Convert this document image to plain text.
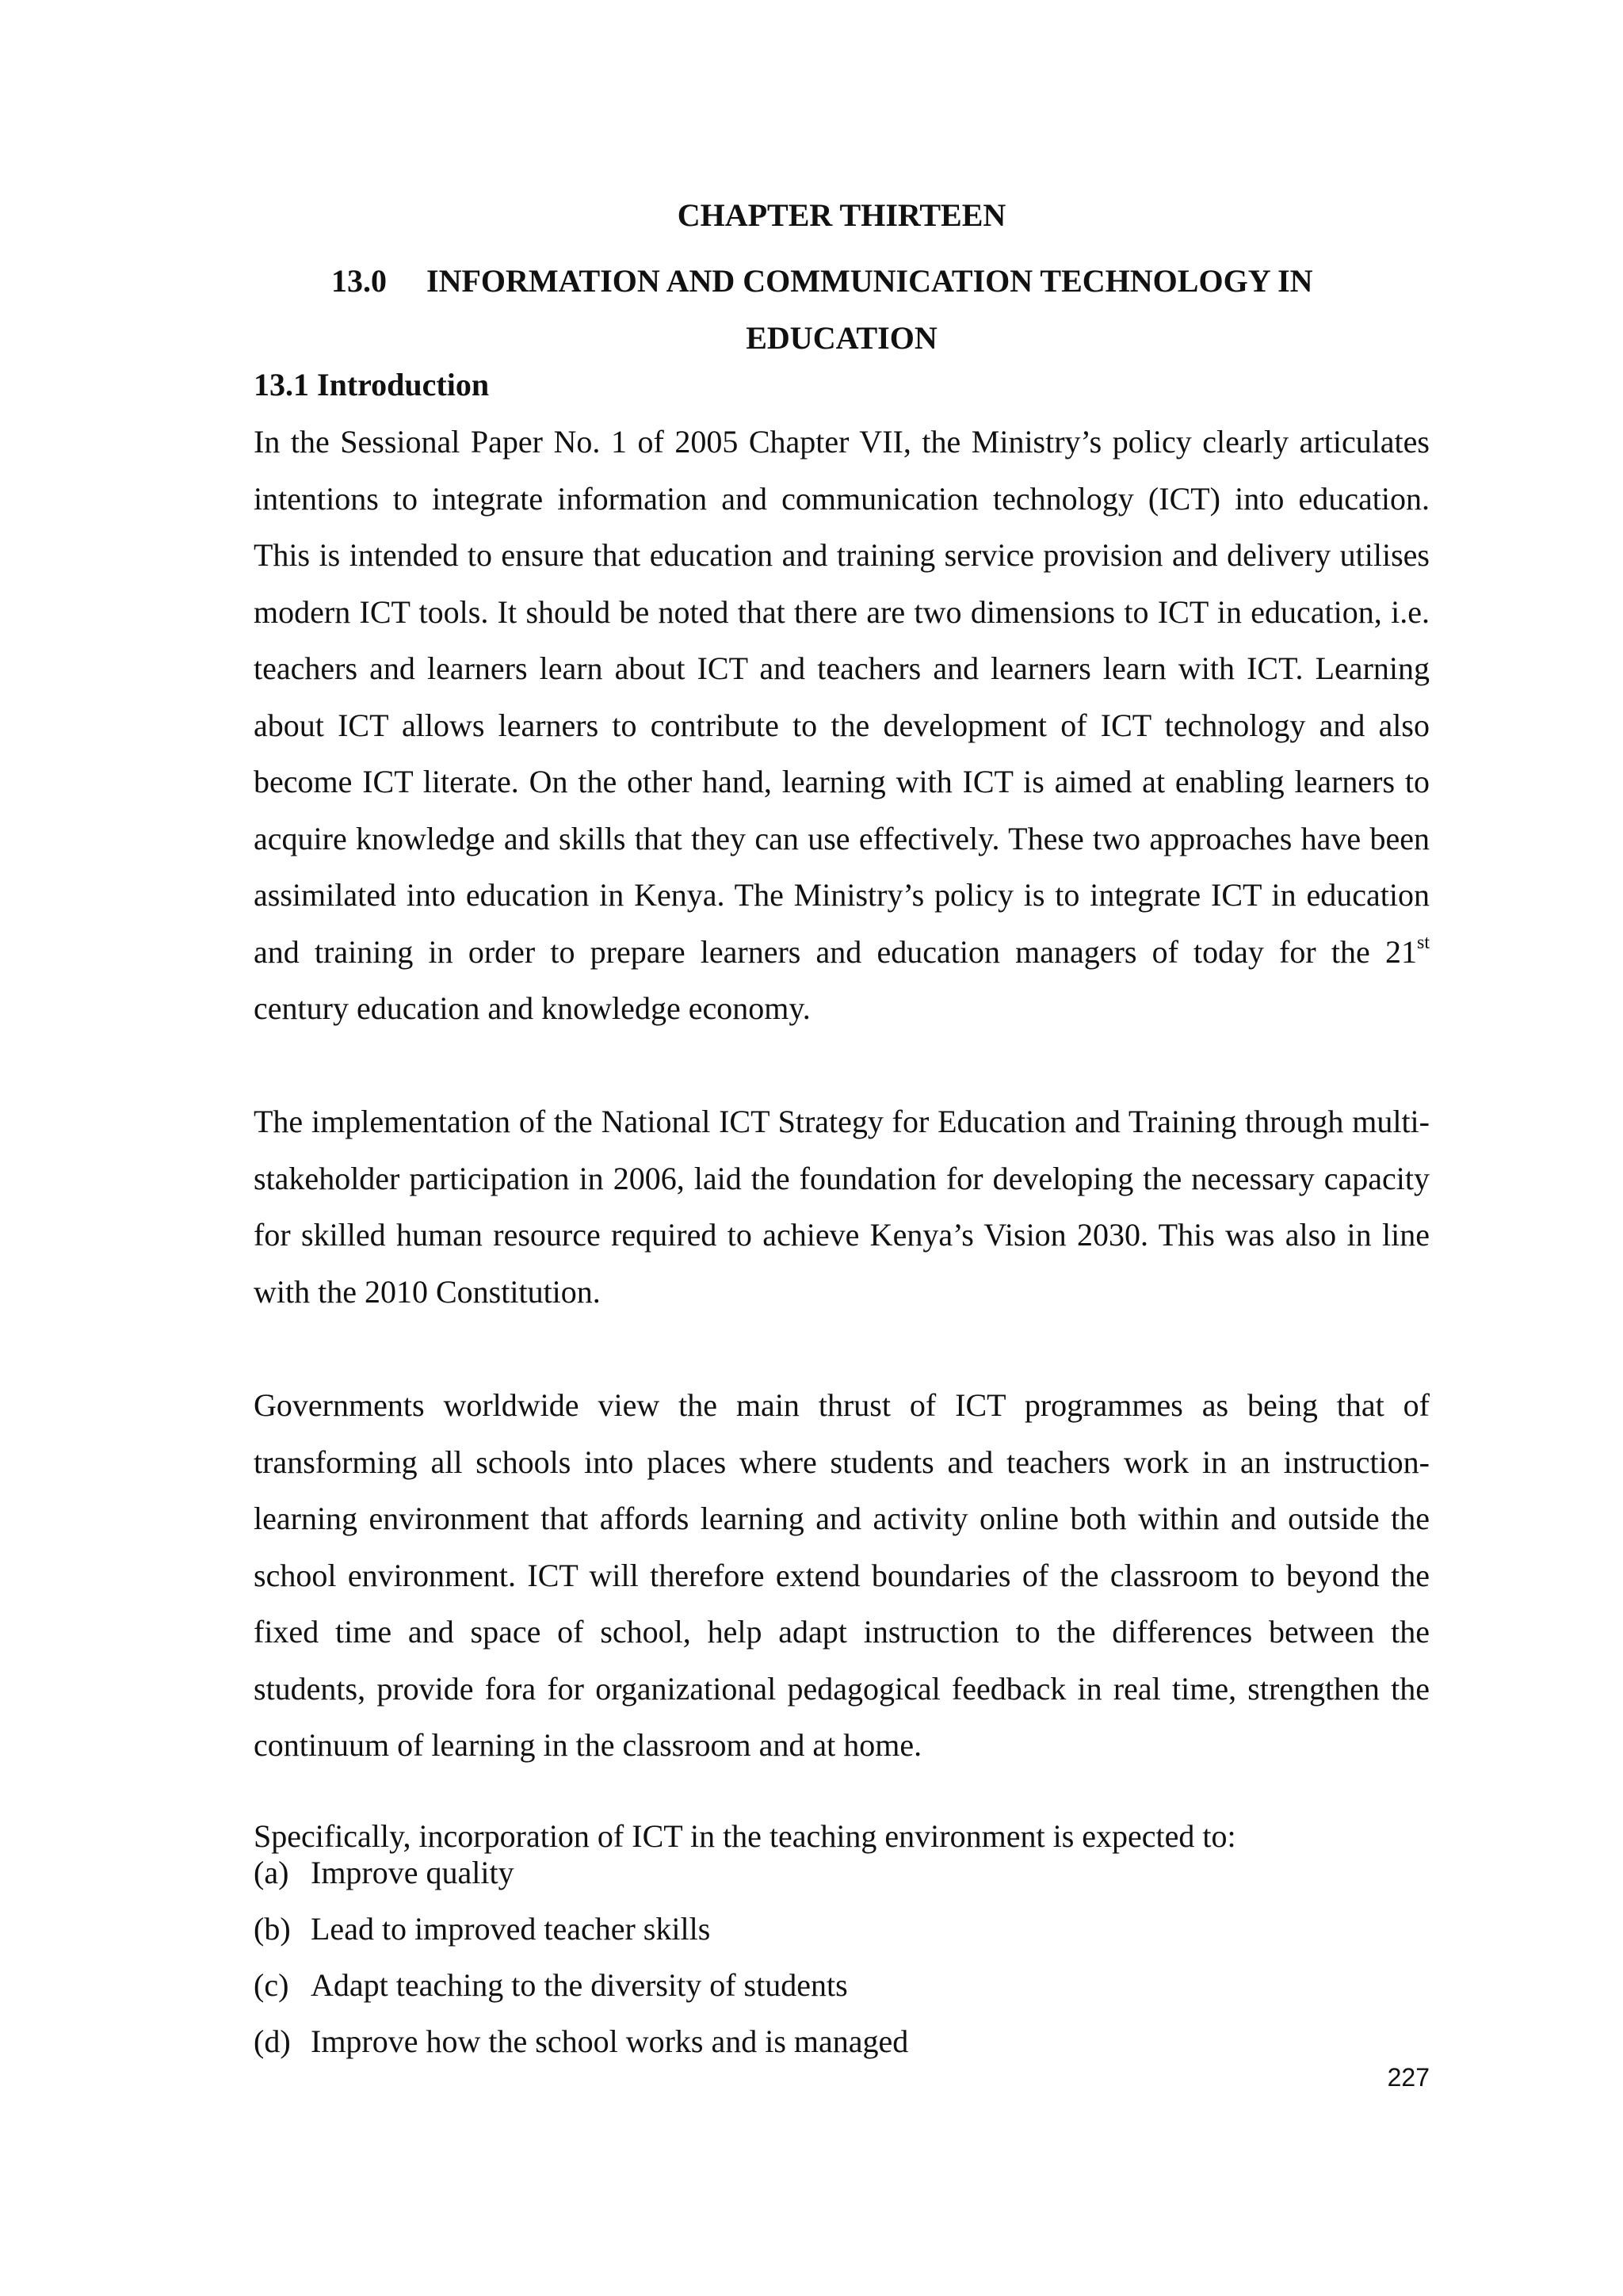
CHAPTER THIRTEEN
13.0 INFORMATION AND COMMUNICATION TECHNOLOGY IN
EDUCATION
13.1 Introduction

In the Sessional Paper No. 1 of 2005 Chapter VII, the Ministry’s policy clearly articulates intentions to integrate information and communication technology (ICT) into education. This is intended to ensure that education and training service provision and delivery utilises modern ICT tools. It should be noted that there are two dimensions to ICT in education, i.e. teachers and learners learn about ICT and teachers and learners learn with ICT. Learning about ICT allows learners to contribute to the development of ICT technology and also become ICT literate. On the other hand, learning with ICT is aimed at enabling learners to acquire knowledge and skills that they can use effectively. These two approaches have been assimilated into education in Kenya. The Ministry’s policy is to integrate ICT in education and training in order to prepare learners and education managers of today for the 21st century education and knowledge economy.

The implementation of the National ICT Strategy for Education and Training through multi-stakeholder participation in 2006, laid the foundation for developing the necessary capacity for skilled human resource required to achieve Kenya’s Vision 2030. This was also in line with the 2010 Constitution.

Governments worldwide view the main thrust of ICT programmes as being that of transforming all schools into places where students and teachers work in an instruction-learning environment that affords learning and activity online both within and outside the school environment. ICT will therefore extend boundaries of the classroom to beyond the fixed time and space of school, help adapt instruction to the differences between the students, provide fora for organizational pedagogical feedback in real time, strengthen the continuum of learning in the classroom and at home.

Specifically, incorporation of ICT in the teaching environment is expected to:
(a) Improve quality
(b) Lead to improved teacher skills
(c) Adapt teaching to the diversity of students
(d) Improve how the school works and is managed
227
